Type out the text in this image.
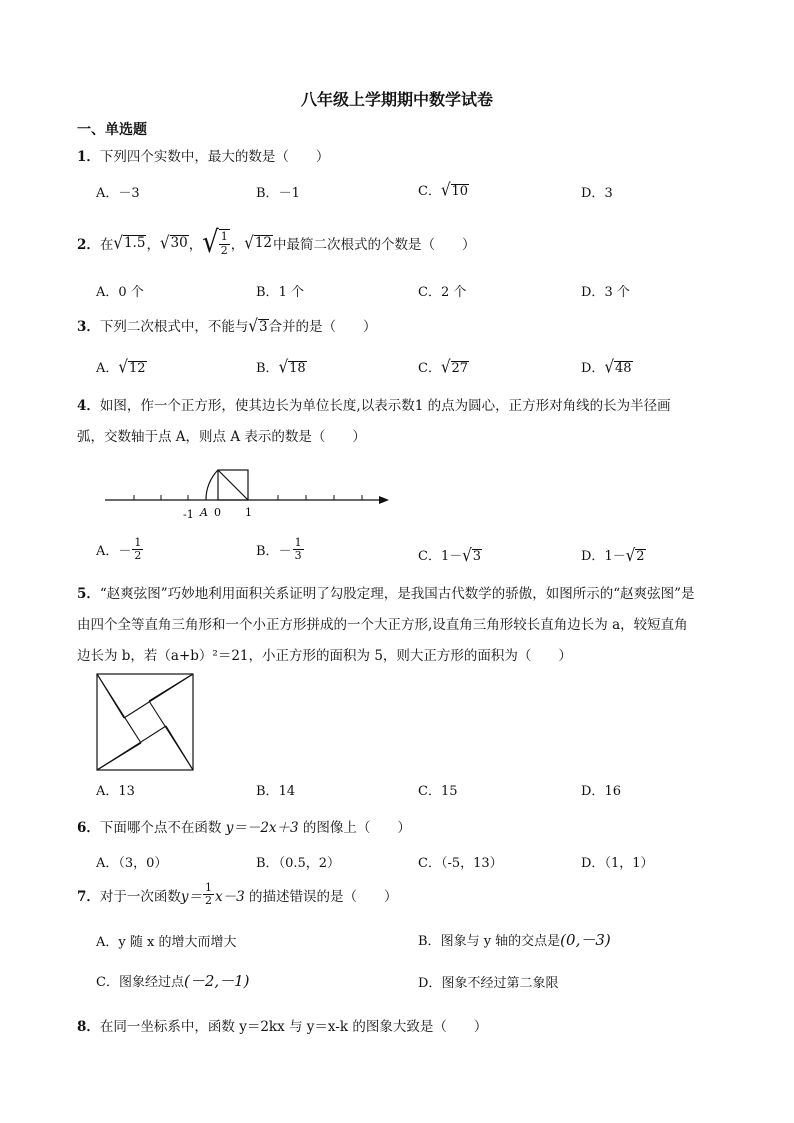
八年级上学期期中数学试卷
一、单选题
1．下列四个实数中，最大的数是（　　）
A．－3	B．－1	C．√10	D．3
2． 在 √ 1.5 ， √ 30 ， √ $\frac{1}{2}$ ， √ 12 中最简二次根式的个数是（　　）
A．0 个	B．1 个	C．2 个	D．3 个
3．下列二次根式中，不能与√3合并的是（　　）
A．√12	B．√18	C．√27	D．√48
4．如图，作一个正方形，使其边长为单位长度,以表示数1 的点为圆心，正方形对角线的长为半径画
弧，交数轴于点 A，则点 A 表示的数是（　　）
-1 A 0 1
A． － $\frac{1}{2}$	B． － $\frac{1}{3}$	C．1－√3	D．1－√2
5．“赵爽弦图”巧妙地利用面积关系证明了勾股定理，是我国古代数学的骄傲，如图所示的“赵爽弦图”是
由四个全等直角三角形和一个小正方形拼成的一个大正方形,设直角三角形较长直角边长为 a，较短直角
边长为 b，若（a+b）²＝21，小正方形的面积为 5，则大正方形的面积为（　　）
A．13	B．14	C．15	D．16
6．下面哪个点不在函数 y＝－2x＋3 的图像上（　　）
A．（3，0）	B．（0.5，2）	C．（-5，13）	D．（1，1）
7． 对于一次函数 $y= \frac{1}{2} x-3$
的描述错误的是（　　）
A．y 随 x 的增大而增大	B．图象与 y 轴的交点是(0,－3)
C．图象经过点(－2,－1)	D．图象不经过第二象限
8．在同一坐标系中，函数 y＝2kx 与 y＝x-k 的图象大致是（　　）
